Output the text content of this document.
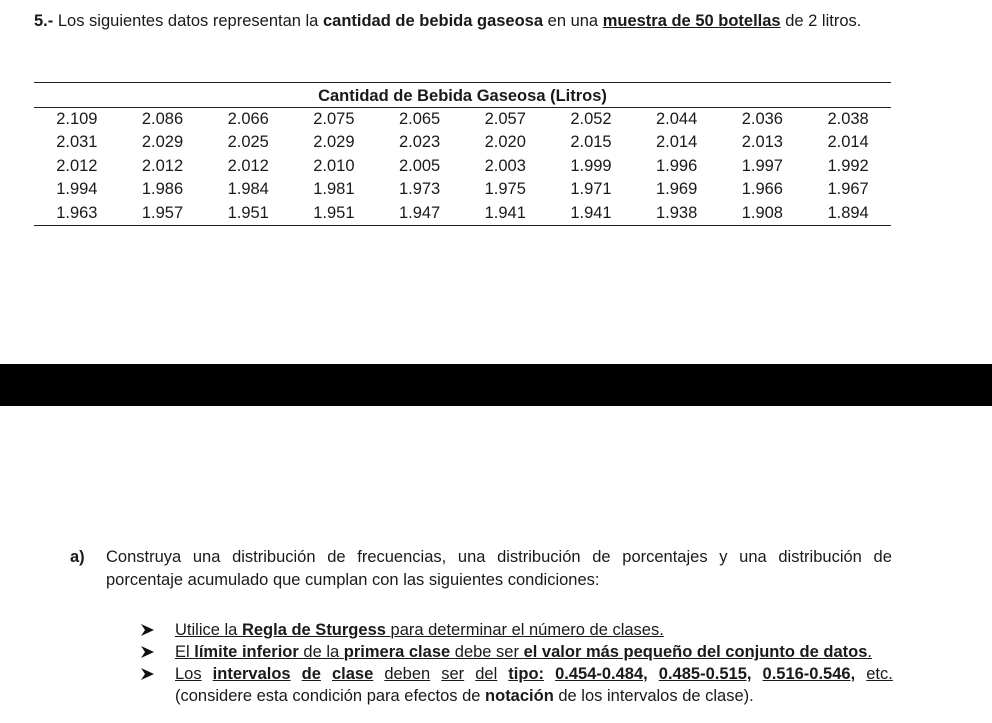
5.- Los siguientes datos representan la cantidad de bebida gaseosa en una muestra de 50 botellas de 2 litros.
Cantidad de Bebida Gaseosa (Litros)
2.109	2.086	2.066	2.075	2.065	2.057	2.052	2.044	2.036	2.038
2.031	2.029	2.025	2.029	2.023	2.020	2.015	2.014	2.013	2.014
2.012	2.012	2.012	2.010	2.005	2.003	1.999	1.996	1.997	1.992
1.994	1.986	1.984	1.981	1.973	1.975	1.971	1.969	1.966	1.967
1.963	1.957	1.951	1.951	1.947	1.941	1.941	1.938	1.908	1.894
a) Construya una distribución de frecuencias, una distribución de porcentajes y una distribución de
porcentaje acumulado que cumplan con las siguientes condiciones:
Utilice la Regla de Sturgess para determinar el número de clases.
El límite inferior de la primera clase debe ser el valor más pequeño del conjunto de datos.
Los intervalos de clase deben ser del tipo: 0.454-0.484, 0.485-0.515, 0.516-0.546, etc.
(considere esta condición para efectos de notación de los intervalos de clase).
